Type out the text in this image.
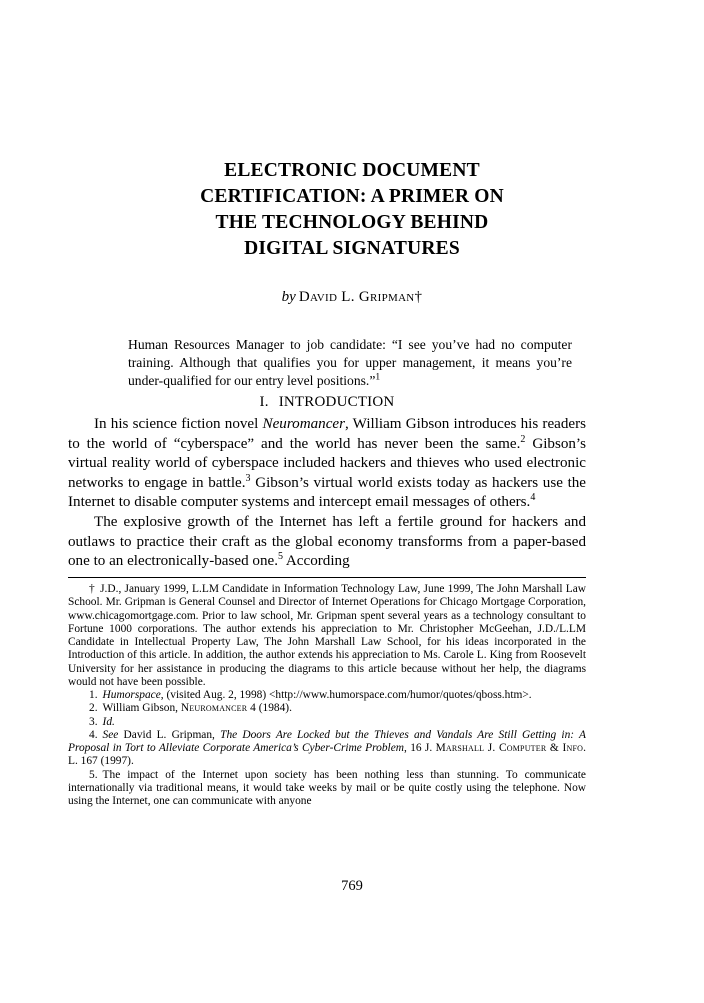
ELECTRONIC DOCUMENT
CERTIFICATION: A PRIMER ON
THE TECHNOLOGY BEHIND
DIGITAL SIGNATURES
by David L. Gripman†
Human Resources Manager to job candidate: “I see you’ve had no computer training. Although that qualifies you for upper management, it means you’re under-qualified for our entry level positions.”$^1$
I. INTRODUCTION

In his science fiction novel Neuromancer, William Gibson introduces his readers to the world of “cyberspace” and the world has never been the same.$^2$ Gibson’s virtual reality world of cyberspace included hackers and thieves who used electronic networks to engage in battle.$^3$ Gibson’s virtual world exists today as hackers use the Internet to disable computer systems and intercept email messages of others.$^4$

The explosive growth of the Internet has left a fertile ground for hackers and outlaws to practice their craft as the global economy transforms from a paper-based one to an electronically-based one.$^5$ According

† J.D., January 1999, L.LM Candidate in Information Technology Law, June 1999, The John Marshall Law School. Mr. Gripman is General Counsel and Director of Internet Operations for Chicago Mortgage Corporation, www.chicagomortgage.com. Prior to law school, Mr. Gripman spent several years as a technology consultant to Fortune 1000 corporations. The author extends his appreciation to Mr. Christopher McGeehan, J.D./L.LM Candidate in Intellectual Property Law, The John Marshall Law School, for his ideas incorporated in the Introduction of this article. In addition, the author extends his appreciation to Ms. Carole L. King from Roosevelt University for her assistance in producing the diagrams to this article because without her help, the diagrams would not have been possible.

1. Humorspace, (visited Aug. 2, 1998) <http://www.humorspace.com/humor/quotes/qboss.htm>.

2. William Gibson, Neuromancer 4 (1984).

3. Id.

4. See David L. Gripman, The Doors Are Locked but the Thieves and Vandals Are Still Getting in: A Proposal in Tort to Alleviate Corporate America’s Cyber-Crime Problem, 16 J. Marshall J. Computer & Info. L. 167 (1997).

5. The impact of the Internet upon society has been nothing less than stunning. To communicate internationally via traditional means, it would take weeks by mail or be quite costly using the telephone. Now using the Internet, one can communicate with anyone

769
